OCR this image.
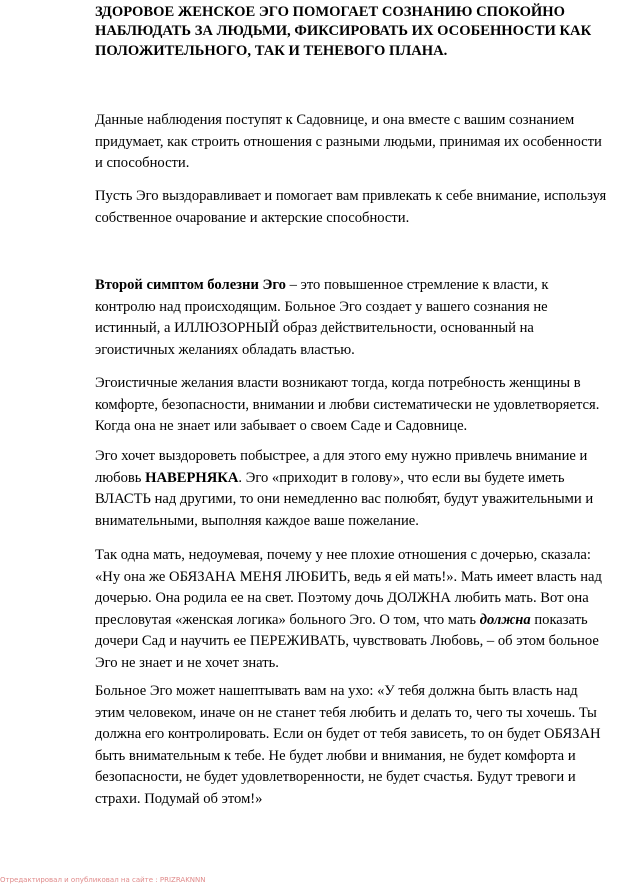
ЗДОРОВОЕ ЖЕНСКОЕ ЭГО ПОМОГАЕТ СОЗНАНИЮ СПОКОЙНО НАБЛЮДАТЬ ЗА ЛЮДЬМИ, ФИКСИРОВАТЬ ИХ ОСОБЕННОСТИ КАК ПОЛОЖИТЕЛЬНОГО, ТАК И ТЕНЕВОГО ПЛАНА.

Данные наблюдения поступят к Садовнице, и она вместе с вашим сознанием придумает, как строить отношения с разными людьми, принимая их особенности и способности.

Пусть Эго выздоравливает и помогает вам привлекать к себе внимание, используя собственное очарование и актерские способности.

Второй симптом болезни Эго – это повышенное стремление к власти, к контролю над происходящим. Больное Эго создает у вашего сознания не истинный, а ИЛЛЮЗОРНЫЙ образ действительности, основанный на эгоистичных желаниях обладать властью.

Эгоистичные желания власти возникают тогда, когда потребность женщины в комфорте, безопасности, внимании и любви систематически не удовлетворяется. Когда она не знает или забывает о своем Саде и Садовнице.

Эго хочет выздороветь побыстрее, а для этого ему нужно привлечь внимание и любовь НАВЕРНЯКА. Эго «приходит в голову», что если вы будете иметь ВЛАСТЬ над другими, то они немедленно вас полюбят, будут уважительными и внимательными, выполняя каждое ваше пожелание.

Так одна мать, недоумевая, почему у нее плохие отношения с дочерью, сказала: «Ну она же ОБЯЗАНА МЕНЯ ЛЮБИТЬ, ведь я ей мать!». Мать имеет власть над дочерью. Она родила ее на свет. Поэтому дочь ДОЛЖНА любить мать. Вот она пресловутая «женская логика» больного Эго. О том, что мать должна показать дочери Сад и научить ее ПЕРЕЖИВАТЬ, чувствовать Любовь, – об этом больное Эго не знает и не хочет знать.

Больное Эго может нашептывать вам на ухо: «У тебя должна быть власть над этим человеком, иначе он не станет тебя любить и делать то, чего ты хочешь. Ты должна его контролировать. Если он будет от тебя зависеть, то он будет ОБЯЗАН быть внимательным к тебе. Не будет любви и внимания, не будет комфорта и безопасности, не будет удовлетворенности, не будет счастья. Будут тревоги и страхи. Подумай об этом!»

Отредактировал и опубликовал на сайте : PRIZRAKNNN
